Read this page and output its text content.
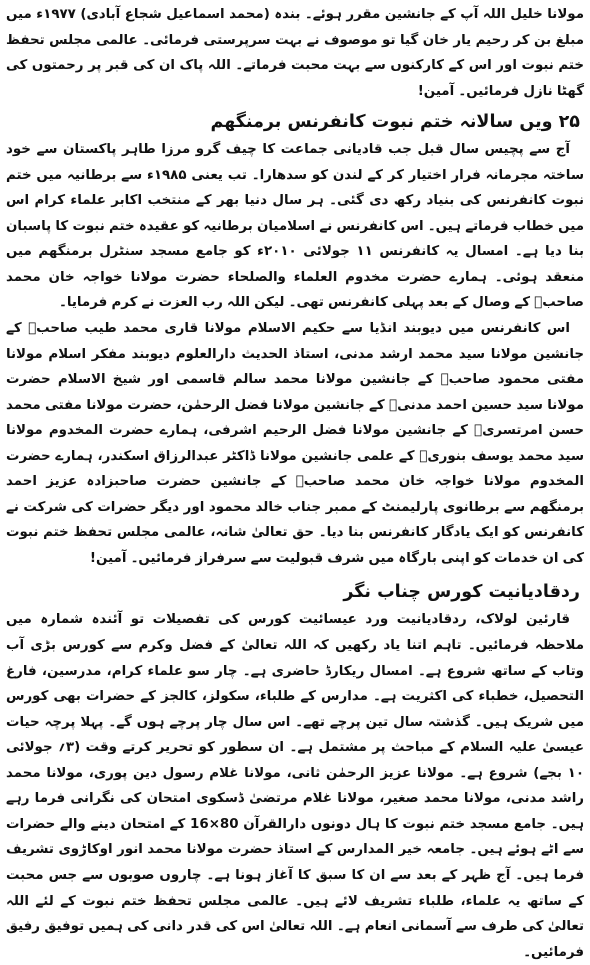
مولانا خلیل اللہ آپ کے جانشین مقرر ہوئے۔ بندہ (محمد اسماعیل شجاع آبادی) ۱۹۷۷ء میں مبلغ بن کر رحیم یار خان گیا تو موصوف نے بہت سرپرستی فرمائی۔ عالمی مجلس تحفظ ختم نبوت اور اس کے کارکنوں سے بہت محبت فرماتے۔ اللہ پاک ان کی قبر پر رحمتوں کی گھٹا نازل فرمائیں۔ آمین!

۲۵ ویں سالانہ ختم نبوت کانفرنس برمنگھم

آج سے پچیس سال قبل جب قادیانی جماعت کا چیف گرو مرزا طاہر پاکستان سے خود ساختہ مجرمانہ فرار اختیار کر کے لندن کو سدھارا۔ تب یعنی ۱۹۸۵ء سے برطانیہ میں ختم نبوت کانفرنس کی بنیاد رکھ دی گئی۔ ہر سال دنیا بھر کے منتخب اکابر علماء کرام اس میں خطاب فرماتے ہیں۔ اس کانفرنس نے اسلامیان برطانیہ کو عقیدہ ختم نبوت کا پاسبان بنا دیا ہے۔ امسال یہ کانفرنس ۱۱ جولائی ۲۰۱۰ء کو جامع مسجد سنٹرل برمنگھم میں منعقد ہوئی۔ ہمارے حضرت مخدوم العلماء والصلحاء حضرت مولانا خواجہ خان محمد صاحبؒ کے وصال کے بعد پہلی کانفرنس تھی۔ لیکن اللہ رب العزت نے کرم فرمایا۔

اس کانفرنس میں دیوبند انڈیا سے حکیم الاسلام مولانا قاری محمد طیب صاحبؒ کے جانشین مولانا سید محمد ارشد مدنی، استاذ الحدیث دارالعلوم دیوبند مفکر اسلام مولانا مفتی محمود صاحبؒ کے جانشین مولانا محمد سالم قاسمی اور شیخ الاسلام حضرت مولانا سید حسین احمد مدنیؒ کے جانشین مولانا فضل الرحمٰن، حضرت مولانا مفتی محمد حسن امرتسریؒ کے جانشین مولانا فضل الرحیم اشرفی، ہمارے حضرت المخدوم مولانا سید محمد یوسف بنوریؒ کے علمی جانشین مولانا ڈاکٹر عبدالرزاق اسکندر، ہمارے حضرت المخدوم مولانا خواجہ خان محمد صاحبؒ کے جانشین حضرت صاحبزادہ عزیز احمد برمنگھم سے برطانوی پارلیمنٹ کے ممبر جناب خالد محمود اور دیگر حضرات کی شرکت نے کانفرنس کو ایک یادگار کانفرنس بنا دیا۔ حق تعالیٰ شانہ، عالمی مجلس تحفظ ختم نبوت کی ان خدمات کو اپنی بارگاہ میں شرف قبولیت سے سرفراز فرمائیں۔ آمین!

ردقادیانیت کورس چناب نگر

قارئین لولاک، ردقادیانیت ورد عیسائیت کورس کی تفصیلات تو آئندہ شمارہ میں ملاحظہ فرمائیں۔ تاہم اتنا یاد رکھیں کہ اللہ تعالیٰ کے فضل وکرم سے کورس بڑی آب وتاب کے ساتھ شروع ہے۔ امسال ریکارڈ حاضری ہے۔ چار سو علماء کرام، مدرسین، فارغ التحصیل، خطباء کی اکثریت ہے۔ مدارس کے طلباء، سکولز، کالجز کے حضرات بھی کورس میں شریک ہیں۔ گذشتہ سال تین پرچے تھے۔ اس سال چار پرچے ہوں گے۔ پہلا پرچہ حیات عیسیٰ علیہ السلام کے مباحث پر مشتمل ہے۔ ان سطور کو تحریر کرتے وقت (۳؍ جولائی ۱۰ بجے) شروع ہے۔ مولانا عزیز الرحمٰن ثانی، مولانا غلام رسول دین پوری، مولانا محمد راشد مدنی، مولانا محمد صغیر، مولانا غلام مرتضیٰ ڈسکوی امتحان کی نگرانی فرما رہے ہیں۔ جامع مسجد ختم نبوت کا ہال دونوں دارالقرآن 80×16 کے امتحان دینے والے حضرات سے اٹے ہوئے ہیں۔ جامعہ خیر المدارس کے استاذ حضرت مولانا محمد انور اوکاڑوی تشریف فرما ہیں۔ آج ظہر کے بعد سے ان کا سبق کا آغاز ہونا ہے۔ چاروں صوبوں سے جس محبت کے ساتھ یہ علماء، طلباء تشریف لائے ہیں۔ عالمی مجلس تحفظ ختم نبوت کے لئے اللہ تعالیٰ کی طرف سے آسمانی انعام ہے۔ اللہ تعالیٰ اس کی قدر دانی کی ہمیں توفیق رفیق فرمائیں۔
